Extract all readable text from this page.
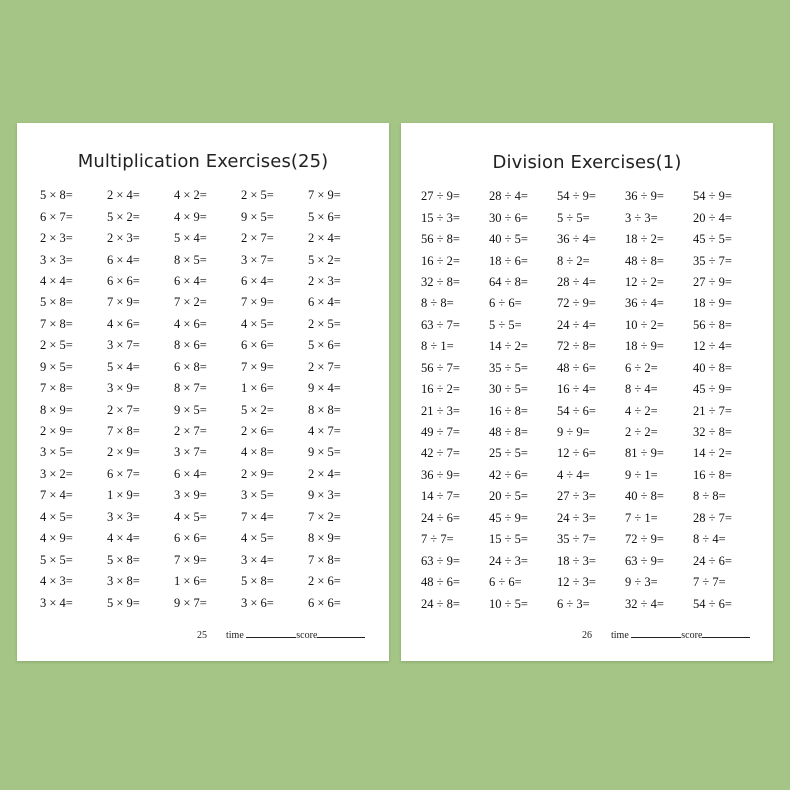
Multiplication Exercises(25)
5 × 8=	2 × 4=	4 × 2=	2 × 5=	7 × 9=
6 × 7=	5 × 2=	4 × 9=	9 × 5=	5 × 6=
2 × 3=	2 × 3=	5 × 4=	2 × 7=	2 × 4=
3 × 3=	6 × 4=	8 × 5=	3 × 7=	5 × 2=
4 × 4=	6 × 6=	6 × 4=	6 × 4=	2 × 3=
5 × 8=	7 × 9=	7 × 2=	7 × 9=	6 × 4=
7 × 8=	4 × 6=	4 × 6=	4 × 5=	2 × 5=
2 × 5=	3 × 7=	8 × 6=	6 × 6=	5 × 6=
9 × 5=	5 × 4=	6 × 8=	7 × 9=	2 × 7=
7 × 8=	3 × 9=	8 × 7=	1 × 6=	9 × 4=
8 × 9=	2 × 7=	9 × 5=	5 × 2=	8 × 8=
2 × 9=	7 × 8=	2 × 7=	2 × 6=	4 × 7=
3 × 5=	2 × 9=	3 × 7=	4 × 8=	9 × 5=
3 × 2=	6 × 7=	6 × 4=	2 × 9=	2 × 4=
7 × 4=	1 × 9=	3 × 9=	3 × 5=	9 × 3=
4 × 5=	3 × 3=	4 × 5=	7 × 4=	7 × 2=
4 × 9=	4 × 4=	6 × 6=	4 × 5=	8 × 9=
5 × 5=	5 × 8=	7 × 9=	3 × 4=	7 × 8=
4 × 3=	3 × 8=	1 × 6=	5 × 8=	2 × 6=
3 × 4=	5 × 9=	9 × 7=	3 × 6=	6 × 6=
25 time	score
Division Exercises(1)
27 ÷ 9=	28 ÷ 4=	54 ÷ 9=	36 ÷ 9=	54 ÷ 9=
15 ÷ 3=	30 ÷ 6=	5 ÷ 5=	3 ÷ 3=	20 ÷ 4=
56 ÷ 8=	40 ÷ 5=	36 ÷ 4=	18 ÷ 2=	45 ÷ 5=
16 ÷ 2=	18 ÷ 6=	8 ÷ 2=	48 ÷ 8=	35 ÷ 7=
32 ÷ 8=	64 ÷ 8=	28 ÷ 4=	12 ÷ 2=	27 ÷ 9=
8 ÷ 8=	6 ÷ 6=	72 ÷ 9=	36 ÷ 4=	18 ÷ 9=
63 ÷ 7=	5 ÷ 5=	24 ÷ 4=	10 ÷ 2=	56 ÷ 8=
8 ÷ 1=	14 ÷ 2=	72 ÷ 8=	18 ÷ 9=	12 ÷ 4=
56 ÷ 7=	35 ÷ 5=	48 ÷ 6=	6 ÷ 2=	40 ÷ 8=
16 ÷ 2=	30 ÷ 5=	16 ÷ 4=	8 ÷ 4=	45 ÷ 9=
21 ÷ 3=	16 ÷ 8=	54 ÷ 6=	4 ÷ 2=	21 ÷ 7=
49 ÷ 7=	48 ÷ 8=	9 ÷ 9=	2 ÷ 2=	32 ÷ 8=
42 ÷ 7=	25 ÷ 5=	12 ÷ 6=	81 ÷ 9=	14 ÷ 2=
36 ÷ 9=	42 ÷ 6=	4 ÷ 4=	9 ÷ 1=	16 ÷ 8=
14 ÷ 7=	20 ÷ 5=	27 ÷ 3=	40 ÷ 8=	8 ÷ 8=
24 ÷ 6=	45 ÷ 9=	24 ÷ 3=	7 ÷ 1=	28 ÷ 7=
7 ÷ 7=	15 ÷ 5=	35 ÷ 7=	72 ÷ 9=	8 ÷ 4=
63 ÷ 9=	24 ÷ 3=	18 ÷ 3=	63 ÷ 9=	24 ÷ 6=
48 ÷ 6=	6 ÷ 6=	12 ÷ 3=	9 ÷ 3=	7 ÷ 7=
24 ÷ 8=	10 ÷ 5=	6 ÷ 3=	32 ÷ 4=	54 ÷ 6=
26 time	score
